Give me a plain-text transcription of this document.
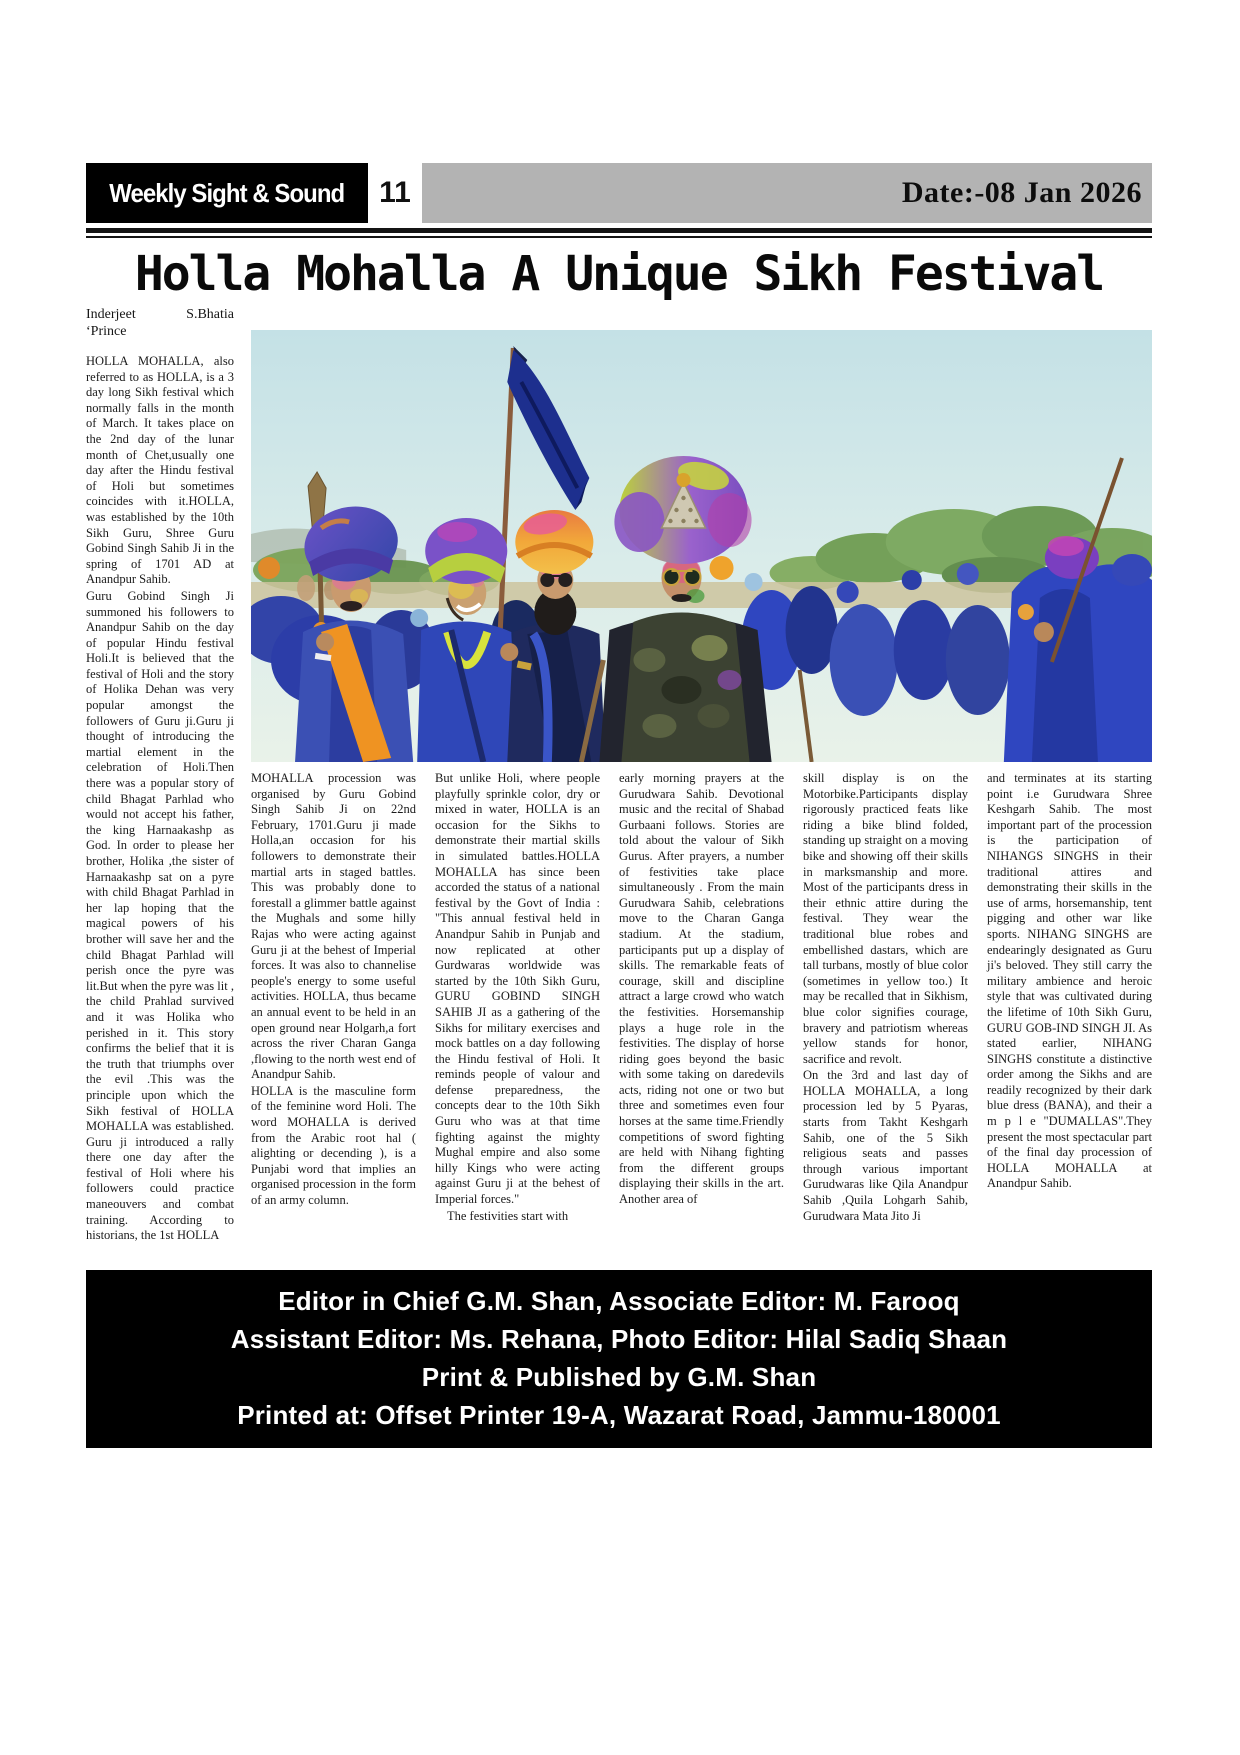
Weekly Sight & Sound	11	Date:-08 Jan 2026
Holla Mohalla A Unique Sikh Festival
Inderjeet	S.Bhatia
‘Prince

HOLLA MOHALLA, also referred to as HOLLA, is a 3 day long Sikh festival which normally falls in the month of March. It takes place on the 2nd day of the lunar month of Chet,usually one day after the Hindu festival of Holi but sometimes coincides with it.HOLLA, was established by the 10th Sikh Guru, Shree Guru Gobind Singh Sahib Ji in the spring of 1701 AD at Anandpur Sahib.

Guru Gobind Singh Ji summoned his followers to Anandpur Sahib on the day of popular Hindu festival Holi.It is believed that the festival of Holi and the story of Holika Dehan was very popular amongst the followers of Guru ji.Guru ji thought of introducing the martial element in the celebration of Holi.Then there was a popular story of child Bhagat Parhlad who would not accept his father, the king Harnaakashp as God. In order to please her brother, Holika ,the sister of Harnaakashp sat on a pyre with child Bhagat Parhlad in her lap hoping that the magical powers of his brother will save her and the child Bhagat Parhlad will perish once the pyre was lit.But when the pyre was lit , the child Prahlad survived and it was Holika who perished in it. This story confirms the belief that it is the truth that triumphs over the evil .This was the principle upon which the Sikh festival of HOLLA MOHALLA was established. Guru ji introduced a rally there one day after the festival of Holi where his followers could practice maneouvers and combat training. According to historians, the 1st HOLLA

MOHALLA procession was organised by Guru Gobind Singh Sahib Ji on 22nd February, 1701.Guru ji made Holla,an occasion for his followers to demonstrate their martial arts in staged battles. This was probably done to forestall a glimmer battle against the Mughals and some hilly Rajas who were acting against Guru ji at the behest of Imperial forces. It was also to channelise people's energy to some useful activities. HOLLA, thus became an annual event to be held in an open ground near Holgarh,a fort across the river Charan Ganga ,flowing to the north west end of Anandpur Sahib.

HOLLA is the masculine form of the feminine word Holi. The word MOHALLA is derived from the Arabic root hal ( alighting or decending ), is a Punjabi word that implies an organised procession in the form of an army column.

But unlike Holi, where people playfully sprinkle color, dry or mixed in water, HOLLA is an occasion for the Sikhs to demonstrate their martial skills in simulated battles.HOLLA MOHALLA has since been accorded the status of a national festival by the Govt of India : "This annual festival held in Anandpur Sahib in Punjab and now replicated at other Gurdwaras worldwide was started by the 10th Sikh Guru, GURU GOBIND SINGH SAHIB JI as a gathering of the Sikhs for military exercises and mock battles on a day following the Hindu festival of Holi. It reminds people of valour and defense preparedness, the concepts dear to the 10th Sikh Guru who was at that time fighting against the mighty Mughal empire and also some hilly Kings who were acting against Guru ji at the behest of Imperial forces."

The festivities start with

early morning prayers at the Gurudwara Sahib. Devotional music and the recital of Shabad Gurbaani follows. Stories are told about the valour of Sikh Gurus. After prayers, a number of festivities take place simultaneously . From the main Gurudwara Sahib, celebrations move to the Charan Ganga stadium. At the stadium, participants put up a display of skills. The remarkable feats of courage, skill and discipline attract a large crowd who watch the festivities. Horsemanship plays a huge role in the festivities. The display of horse riding goes beyond the basic with some taking on daredevils acts, riding not one or two but three and sometimes even four horses at the same time.Friendly competitions of sword fighting are held with Nihang fighting from the different groups displaying their skills in the art. Another area of

skill display is on the Motorbike.Participants display rigorously practiced feats like riding a bike blind folded, standing up straight on a moving bike and showing off their skills in marksmanship and more. Most of the participants dress in their ethnic attire during the festival. They wear the traditional blue robes and embellished dastars, which are tall turbans, mostly of blue color (sometimes in yellow too.) It may be recalled that in Sikhism, blue color signifies courage, bravery and patriotism whereas yellow stands for honor, sacrifice and revolt.

On the 3rd and last day of HOLLA MOHALLA, a long procession led by 5 Pyaras, starts from Takht Keshgarh Sahib, one of the 5 Sikh religious seats and passes through various important Gurudwaras like Qila Anandpur Sahib ,Quila Lohgarh Sahib, Gurudwara Mata Jito Ji

and terminates at its starting point i.e Gurudwara Shree Keshgarh Sahib. The most important part of the procession is the participation of NIHANGS SINGHS in their traditional attires and demonstrating their skills in the use of arms, horsemanship, tent pigging and other war like sports. NIHANG SINGHS are endearingly designated as Guru ji's beloved. They still carry the military ambience and heroic style that was cultivated during the lifetime of 10th Sikh Guru, GURU GOB-IND SINGH JI. As stated earlier, NIHANG SINGHS constitute a distinctive order among the Sikhs and are readily recognized by their dark blue dress (BANA), and their a m p l e "DUMALLAS".They present the most spectacular part of the final day procession of HOLLA MOHALLA at Anandpur Sahib.

Editor in Chief G.M. Shan, Associate Editor: M. Farooq
Assistant Editor: Ms. Rehana, Photo Editor: Hilal Sadiq Shaan
Print & Published by G.M. Shan
Printed at: Offset Printer 19-A, Wazarat Road, Jammu-180001
